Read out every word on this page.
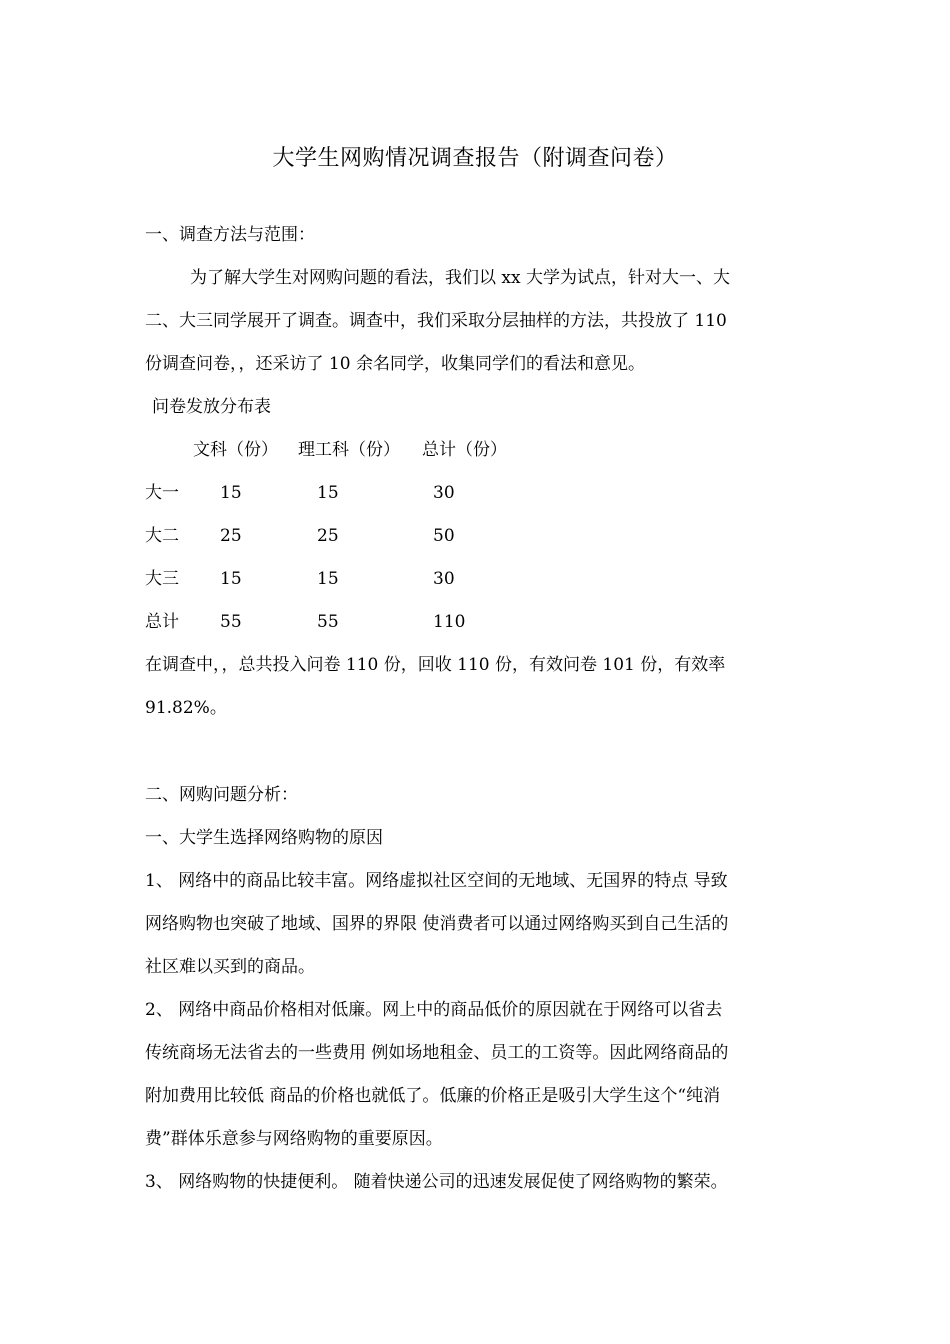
大学生网购情况调查报告（附调查问卷）
一、调查方法与范围：
为了解大学生对网购问题的看法，我们以 xx 大学为试点，针对大一、大
二、大三同学展开了调查。调查中，我们采取分层抽样的方法，共投放了 110
份调查问卷，，还采访了 10 余名同学，收集同学们的看法和意见。
问卷发放分布表
文科（份） 理工科（份） 总计（份）
大一 15	15	30
大二 25	25	50
大三 15	15	30
总计 55	55	110
在调查中，，总共投入问卷 110 份，回收 110 份，有效问卷 101 份，有效率
91.82%。
二、网购问题分析：
一、大学生选择网络购物的原因
1、 网络中的商品比较丰富。网络虚拟社区空间的无地域、无国界的特点 导致
网络购物也突破了地域、国界的界限 使消费者可以通过网络购买到自己生活的
社区难以买到的商品。
2、 网络中商品价格相对低廉。网上中的商品低价的原因就在于网络可以省去
传统商场无法省去的一些费用 例如场地租金、员工的工资等。因此网络商品的
附加费用比较低 商品的价格也就低了。低廉的价格正是吸引大学生这个“纯消
费”群体乐意参与网络购物的重要原因。
3、 网络购物的快捷便利。 随着快递公司的迅速发展促使了网络购物的繁荣。
